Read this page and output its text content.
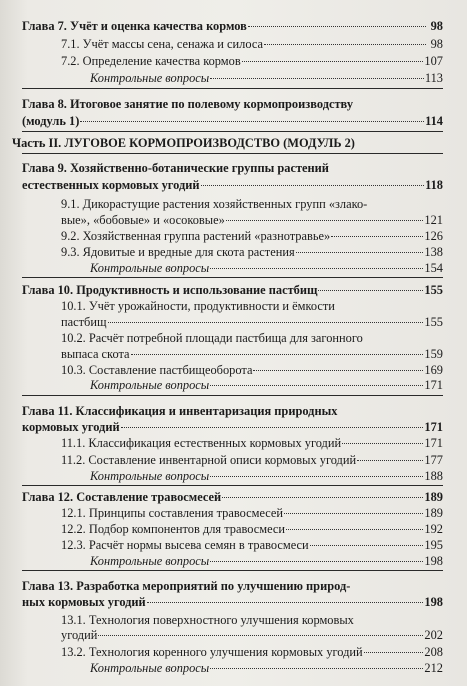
Глава 7. Учёт и оценка качества кормов	98
7.1. Учёт массы сена, сенажа и силоса	98
7.2. Определение качества кормов	107
Контрольные вопросы	113
Глава 8. Итоговое занятие по полевому кормопроизводству
(модуль 1)	114
Часть II. ЛУГОВОЕ КОРМОПРОИЗВОДСТВО (МОДУЛЬ 2)
Глава 9. Хозяйственно-ботанические группы растений
естественных кормовых угодий	118
9.1. Дикорастущие растения хозяйственных групп «злако-
вые», «бобовые» и «осоковые»	121
9.2. Хозяйственная группа растений «разнотравье»	126
9.3. Ядовитые и вредные для скота растения	138
Контрольные вопросы	154
Глава 10. Продуктивность и использование пастбищ	155
10.1. Учёт урожайности, продуктивности и ёмкости
пастбищ	155
10.2. Расчёт потребной площади пастбища для загонного
выпаса скота	159
10.3. Составление пастбищеоборота	169
Контрольные вопросы	171
Глава 11. Классификация и инвентаризация природных
кормовых угодий	171
11.1. Классификация естественных кормовых угодий	171
11.2. Составление инвентарной описи кормовых угодий	177
Контрольные вопросы	188
Глава 12. Составление травосмесей	189
12.1. Принципы составления травосмесей	189
12.2. Подбор компонентов для травосмеси	192
12.3. Расчёт нормы высева семян в травосмеси	195
Контрольные вопросы	198
Глава 13. Разработка мероприятий по улучшению природ-
ных кормовых угодий	198
13.1. Технология поверхностного улучшения кормовых
угодий	202
13.2. Технология коренного улучшения кормовых угодий	208
Контрольные вопросы	212
